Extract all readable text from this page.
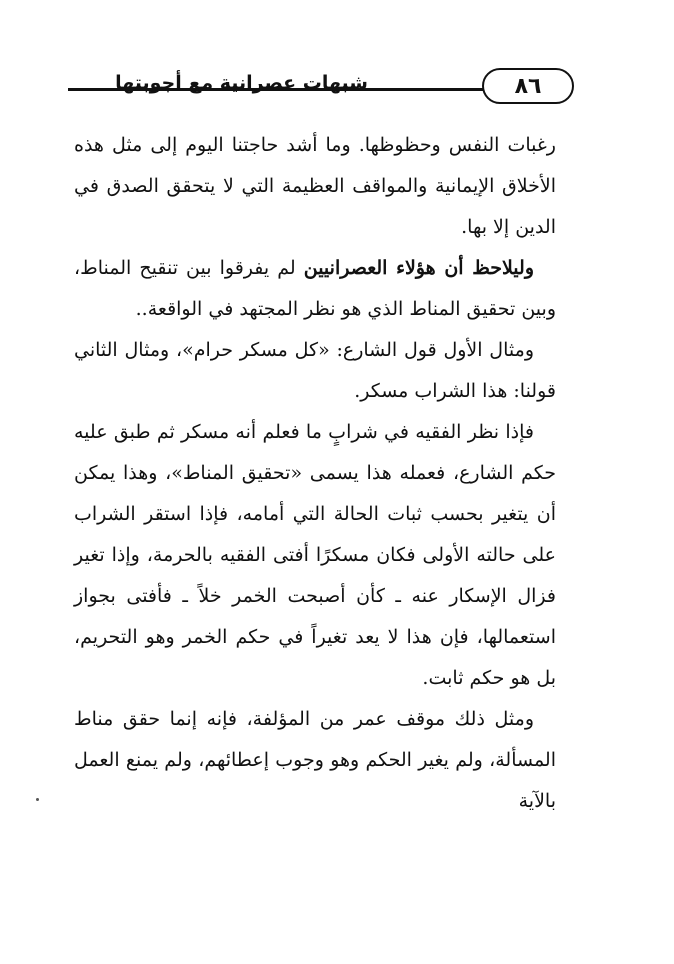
شبهات عصرانية مع أجوبتها	٨٦

رغبات النفس وحظوظها. وما أشد حاجتنا اليوم إلى مثل هذه الأخلاق الإيمانية والمواقف العظيمة التي لا يتحقق الصدق في الدين إلا بها.

وليلاحظ أن هؤلاء العصرانيين لم يفرقوا بين تنقيح المناط، وبين تحقيق المناط الذي هو نظر المجتهد في الواقعة..

ومثال الأول قول الشارع: «كل مسكر حرام»، ومثال الثاني قولنا: هذا الشراب مسكر.

فإذا نظر الفقيه في شرابٍ ما فعلم أنه مسكر ثم طبق عليه حكم الشارع، فعمله هذا يسمى «تحقيق المناط»، وهذا يمكن أن يتغير بحسب ثبات الحالة التي أمامه، فإذا استقر الشراب على حالته الأولى فكان مسكرًا أفتى الفقيه بالحرمة، وإذا تغير فزال الإسكار عنه ـ كأن أصبحت الخمر خلاً ـ فأفتى بجواز استعمالها، فإن هذا لا يعد تغيراً في حكم الخمر وهو التحريم، بل هو حكم ثابت.

ومثل ذلك موقف عمر من المؤلفة، فإنه إنما حقق مناط المسألة، ولم يغير الحكم وهو وجوب إعطائهم، ولم يمنع العمل بالآية
